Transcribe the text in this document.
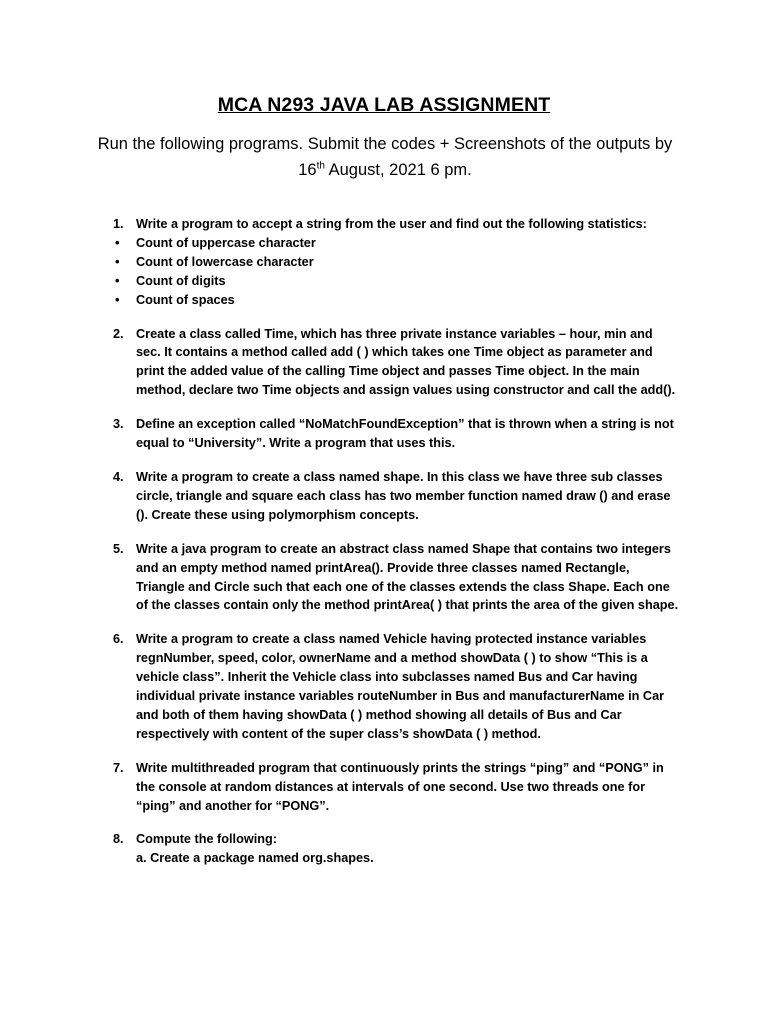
MCA N293 JAVA LAB ASSIGNMENT
Run the following programs. Submit the codes + Screenshots of the outputs by
16th August, 2021 6 pm.
1. Write a program to accept a string from the user and find out the following statistics:
• Count of uppercase character
• Count of lowercase character
• Count of digits
• Count of spaces
2. Create a class called Time, which has three private instance variables – hour, min and sec. It contains a method called add ( ) which takes one Time object as parameter and print the added value of the calling Time object and passes Time object. In the main method, declare two Time objects and assign values using constructor and call the add().
3. Define an exception called “NoMatchFoundException” that is thrown when a string is not equal to “University”. Write a program that uses this.
4. Write a program to create a class named shape. In this class we have three sub classes circle, triangle and square each class has two member function named draw () and erase (). Create these using polymorphism concepts.
5. Write a java program to create an abstract class named Shape that contains two integers and an empty method named printArea(). Provide three classes named Rectangle, Triangle and Circle such that each one of the classes extends the class Shape. Each one of the classes contain only the method printArea( ) that prints the area of the given shape.
6. Write a program to create a class named Vehicle having protected instance variables regnNumber, speed, color, ownerName and a method showData ( ) to show “This is a vehicle class”. Inherit the Vehicle class into subclasses named Bus and Car having individual private instance variables routeNumber in Bus and manufacturerName in Car and both of them having showData ( ) method showing all details of Bus and Car respectively with content of the super class’s showData ( ) method.
7. Write multithreaded program that continuously prints the strings “ping” and “PONG” in the console at random distances at intervals of one second. Use two threads one for “ping” and another for “PONG”.
8. Compute the following:
a. Create a package named org.shapes.
